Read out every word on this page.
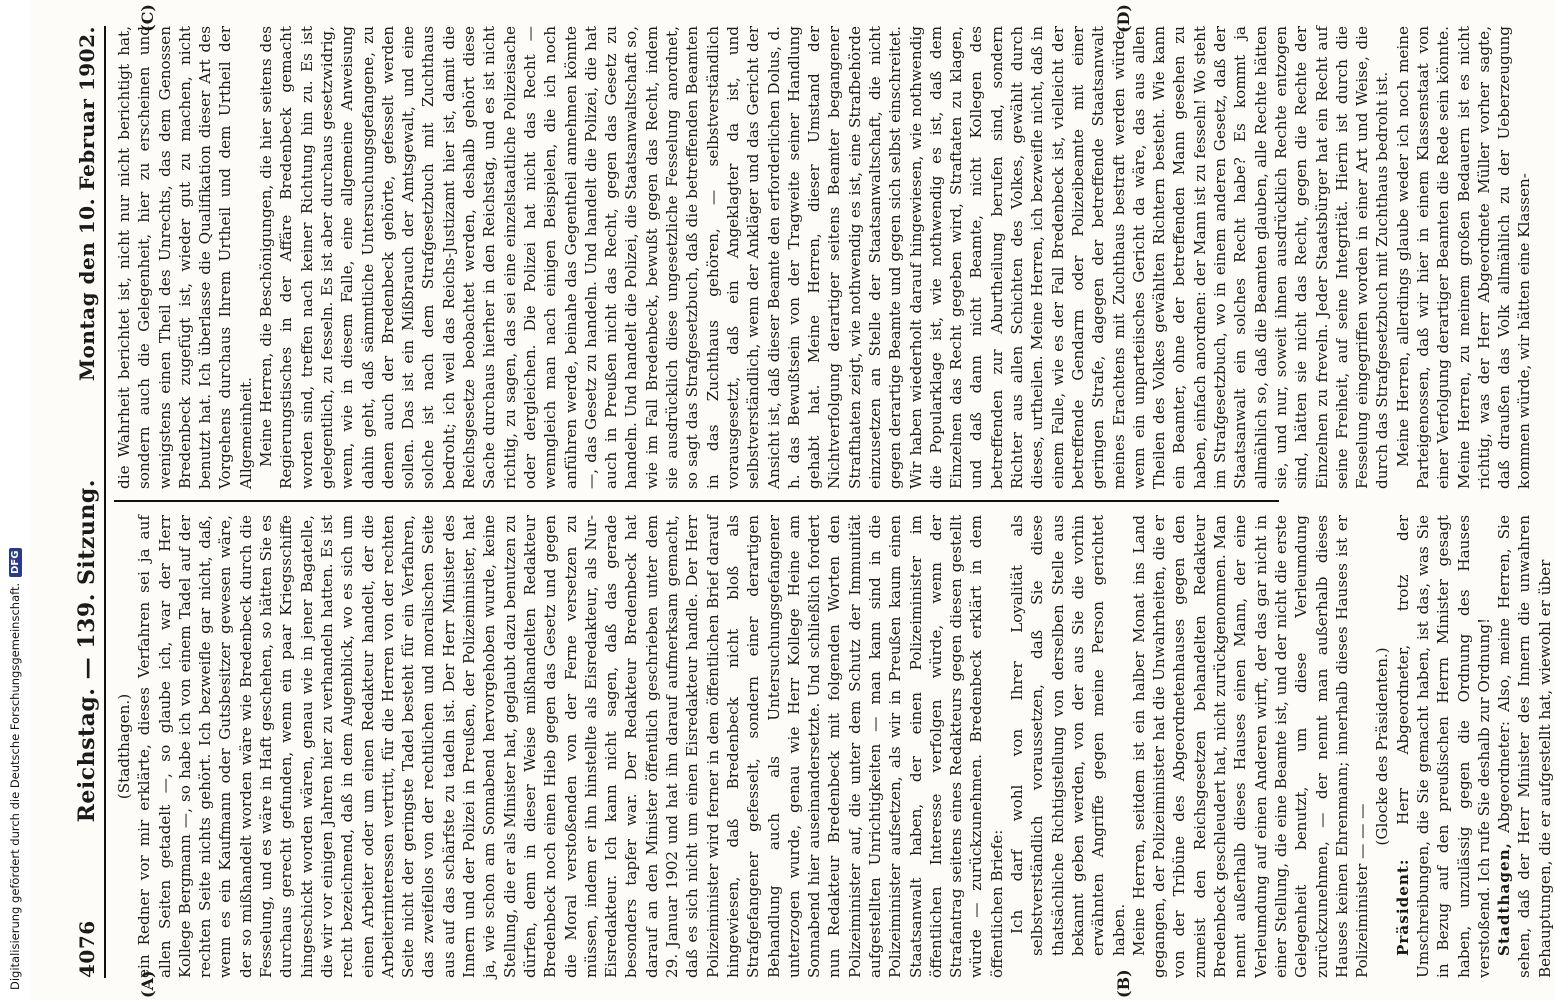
Digitalisierung gefördert durch die Deutsche Forschungsgemeinschaft.
DFG
4076
Reichstag. — 139. Sitzung.
Montag den 10. Februar 1902.
(A)	(B)
(C)	(D)

(Stadthagen.) ein Redner vor mir erklärte, dieses Verfahren sei ja auf allen Seiten getadelt —, so glaube ich, war der Herr Kollege Bergmann —, so habe ich von einem Tadel auf der rechten Seite nichts gehört. Ich bezweifle gar nicht, daß, wenn es ein Kaufmann oder Gutsbesitzer gewesen wäre, der so mißhandelt worden wäre wie Bredenbeck durch die Fesselung, und es wäre in Haft geschehen, so hätten Sie es durchaus gerecht gefunden, wenn ein paar Kriegsschiffe hingeschickt worden wären, genau wie in jener Bagatelle, die wir vor einigen Jahren hier zu verhandeln hatten. Es ist recht bezeichnend, daß in dem Augenblick, wo es sich um einen Arbeiter oder um einen Redakteur handelt, der die Arbeiterinteressen vertritt, für die Herren von der rechten Seite nicht der geringste Tadel besteht für ein Verfahren, das zweifellos von der rechtlichen und moralischen Seite aus auf das schärfste zu tadeln ist. Der Herr Minister des Innern und der Polizei in Preußen, der Polizeiminister, hat ja, wie schon am Sonnabend hervorgehoben wurde, keine Stellung, die er als Minister hat, geglaubt dazu benutzen zu dürfen, denn in dieser Weise mißhandelten Redakteur Bredenbeck noch einen Hieb gegen das Gesetz und gegen die Moral verstoßenden von der Ferne versetzen zu müssen, indem er ihn hinstellte als Eisredakteur, als Nur-Eisredakteur. Ich kann nicht sagen, daß das gerade besonders tapfer war. Der Redakteur Bredenbeck hat darauf an den Minister öffentlich geschrieben unter dem 29. Januar 1902 und hat ihn darauf aufmerksam gemacht, daß es sich nicht um einen Eisredakteur handle. Der Herr Polizeiminister wird ferner in dem öffentlichen Brief darauf hingewiesen, daß Bredenbeck nicht bloß als Strafgefangener gefesselt, sondern einer derartigen Behandlung auch als Untersuchungsgefangener unterzogen wurde, genau wie Herr Kollege Heine am Sonnabend hier auseinandersetzte. Und schließlich fordert nun Redakteur Bredenbeck mit folgenden Worten den Polizeiminister auf, die unter dem Schutz der Immunität aufgestellten Unrichtigkeiten — man kann sind in die Polizeiminister aufsetzen, als wir in Preußen kaum einen Staatsanwalt haben, der einen Polizeiminister im öffentlichen Interesse verfolgen würde, wenn der Strafantrag seitens eines Redakteurs gegen diesen gestellt würde — zurückzunehmen. Bredenbeck erklärt in dem öffentlichen Briefe: Ich darf wohl von Ihrer Loyalität als selbstverständlich voraussetzen, daß Sie diese thatsächliche Richtigstellung von derselben Stelle aus bekannt geben werden, von der aus Sie die vorhin erwähnten Angriffe gegen meine Person gerichtet haben. Meine Herren, seitdem ist ein halber Monat ins Land gegangen, der Polizeiminister hat die Unwahrheiten, die er von der Tribüne des Abgeordnetenhauses gegen den zumeist den Reichsgesetzen behandelten Redakteur Bredenbeck geschleudert hat, nicht zurückgenommen. Man nennt außerhalb dieses Hauses einen Mann, der eine Verleumdung auf einen Anderen wirft, der das gar nicht in einer Stellung, die eine Beamte ist, und der nicht die erste Gelegenheit benutzt, um diese Verleumdung zurückzunehmen, — der nennt man außerhalb dieses Hauses keinen Ehrenmann; innerhalb dieses Hauses ist er Polizeiminister — — —

(Glocke des Präsidenten.)

Präsident: Herr Abgeordneter, trotz der Umschreibungen, die Sie gemacht haben, ist das, was Sie in Bezug auf den preußischen Herrn Minister gesagt haben, unzulässig gegen die Ordnung des Hauses verstoßend. Ich rufe Sie deshalb zur Ordnung! Stadthagen, Abgeordneter: Also, meine Herren, Sie sehen, daß der Herr Minister des Innern die unwahren Behauptungen, die er aufgestellt hat, wiewohl er über

die Wahrheit berichtet ist, nicht nur nicht berichtigt hat, sondern auch die Gelegenheit, hier zu erscheinen und wenigstens einen Theil des Unrechts, das dem Genossen Bredenbeck zugefügt ist, wieder gut zu machen, nicht benutzt hat. Ich überlasse die Qualifikation dieser Art des Vorgehens durchaus Ihrem Urtheil und dem Urtheil der Allgemeinheit. Meine Herren, die Beschönigungen, die hier seitens des Regierungstisches in der Affäre Bredenbeck gemacht worden sind, treffen nach keiner Richtung hin zu. Es ist gelegentlich, zu fesseln. Es ist aber durchaus gesetzwidrig, wenn, wie in diesem Falle, eine allgemeine Anweisung dahin geht, daß sämmtliche Untersuchungsgefangene, zu denen auch der Bredenbeck gehörte, gefesselt werden sollen. Das ist ein Mißbrauch der Amtsgewalt, und eine solche ist nach dem Strafgesetzbuch mit Zuchthaus bedroht; ich weil das Reichs-Justizamt hier ist, damit die Reichsgesetze beobachtet werden, deshalb gehört diese Sache durchaus hierher in den Reichstag, und es ist nicht richtig, zu sagen, das sei eine einzelstaatliche Polizeisache oder dergleichen. Die Polizei hat nicht das Recht — wenngleich man nach einigen Beispielen, die ich noch anführen werde, beinahe das Gegentheil annehmen könnte —, das Gesetz zu handeln. Und handelt die Polizei, die hat auch in Preußen nicht das Recht, gegen das Gesetz zu handeln. Und handelt die Polizei, die Staatsanwaltschaft so, wie im Fall Bredenbeck, bewußt gegen das Recht, indem sie ausdrücklich diese ungesetzliche Fesselung anordnet, so sagt das Strafgesetzbuch, daß die betreffenden Beamten in das Zuchthaus gehören, — selbstverständlich vorausgesetzt, daß ein Angeklagter da ist, und selbstverständlich, wenn der Ankläger und das Gericht der Ansicht ist, daß dieser Beamte den erforderlichen Dolus, d. h. das Bewußtsein von der Tragweite seiner Handlung gehabt hat. Meine Herren, dieser Umstand der Nichtverfolgung derartiger seitens Beamter begangener Strafthaten zeigt, wie nothwendig es ist, eine Strafbehörde einzusetzen an Stelle der Staatsanwaltschaft, die nicht gegen derartige Beamte und gegen sich selbst einschreitet. Wir haben wiederholt darauf hingewiesen, wie nothwendig die Popularklage ist, wie nothwendig es ist, daß dem Einzelnen das Recht gegeben wird, Straftaten zu klagen, und daß dann nicht Beamte, nicht Kollegen des betreffenden zur Aburtheilung berufen sind, sondern Richter aus allen Schichten des Volkes, gewählt durch dieses, urtheilen. Meine Herren, ich bezweifle nicht, daß in einem Falle, wie es der Fall Bredenbeck ist, vielleicht der betreffende Gendarm oder Polizeibeamte mit einer geringen Strafe, dagegen der betreffende Staatsanwalt meines Erachtens mit Zuchthaus bestraft werden würde, wenn ein unparteiisches Gericht da wäre, das aus allen Theilen des Volkes gewählten Richtern besteht. Wie kann ein Beamter, ohne der betreffenden Mann gesehen zu haben, einfach anordnen: der Mann ist zu fesseln! Wo steht im Strafgesetzbuch, wo in einem anderen Gesetz, daß der Staatsanwalt ein solches Recht habe? Es kommt ja allmählich so, daß die Beamten glauben, alle Rechte hätten sie, und nur, soweit ihnen ausdrücklich Rechte entzogen sind, hätten sie nicht das Recht, gegen die Rechte der Einzelnen zu freveln. Jeder Staatsbürger hat ein Recht auf seine Freiheit, auf seine Integrität. Hierin ist durch die Fesselung eingegriffen worden in einer Art und Weise, die durch das Strafgesetzbuch mit Zuchthaus bedroht ist. Meine Herren, allerdings glaube weder ich noch meine Parteigenossen, daß wir hier in einem Klassenstaat von einer Verfolgung derartiger Beamten die Rede sein könnte. Meine Herren, zu meinem großen Bedauern ist es nicht richtig, was der Herr Abgeordnete Müller vorher sagte, daß draußen das Volk allmählich zu der Ueberzeugung kommen würde, wir hätten eine Klassen-
